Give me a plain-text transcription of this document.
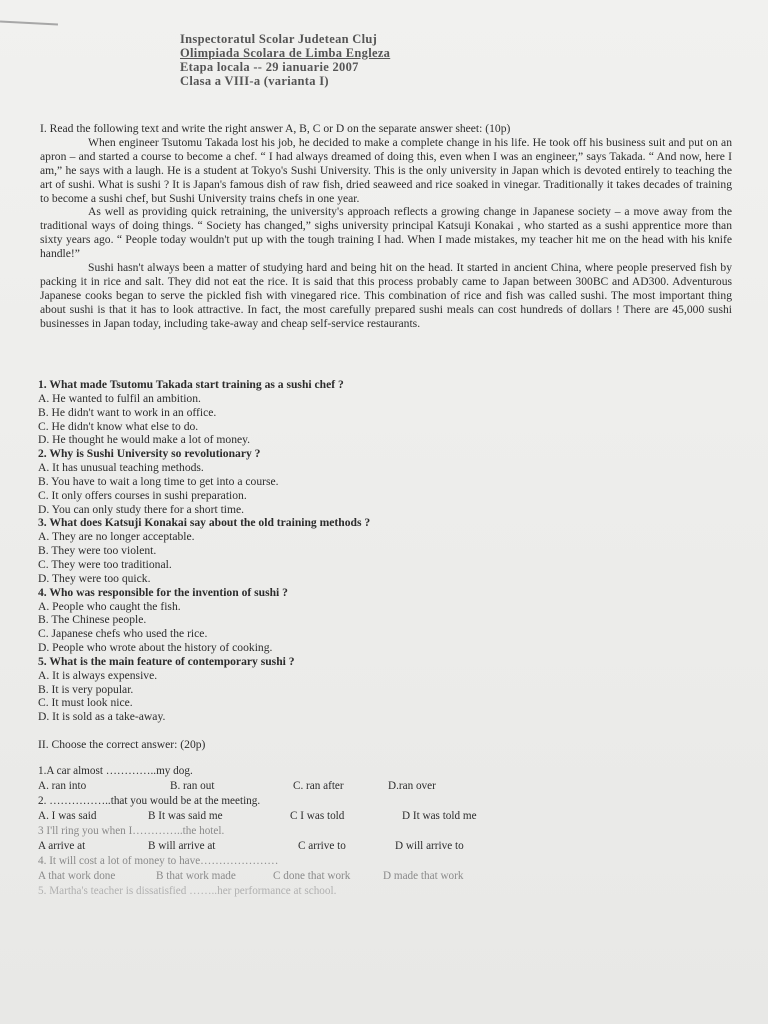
Inspectoratul Scolar Judetean Cluj
Olimpiada Scolara de Limba Engleza
Etapa locala -- 29 ianuarie 2007
Clasa a VIII-a (varianta I)
I. Read the following text and write the right answer A, B, C or D on the separate answer sheet: (10p)

When engineer Tsutomu Takada lost his job, he decided to make a complete change in his life. He took off his business suit and put on an apron – and started a course to become a chef. “ I had always dreamed of doing this, even when I was an engineer,” says Takada. “ And now, here I am,” he says with a laugh. He is a student at Tokyo's Sushi University. This is the only university in Japan which is devoted entirely to teaching the art of sushi. What is sushi ? It is Japan's famous dish of raw fish, dried seaweed and rice soaked in vinegar. Traditionally it takes decades of training to become a sushi chef, but Sushi University trains chefs in one year.

As well as providing quick retraining, the university's approach reflects a growing change in Japanese society – a move away from the traditional ways of doing things. “ Society has changed,” sighs university principal Katsuji Konakai , who started as a sushi apprentice more than sixty years ago. “ People today wouldn't put up with the tough training I had. When I made mistakes, my teacher hit me on the head with his knife handle!”

Sushi hasn't always been a matter of studying hard and being hit on the head. It started in ancient China, where people preserved fish by packing it in rice and salt. They did not eat the rice. It is said that this process probably came to Japan between 300BC and AD300. Adventurous Japanese cooks began to serve the pickled fish with vinegared rice. This combination of rice and fish was called sushi. The most important thing about sushi is that it has to look attractive. In fact, the most carefully prepared sushi meals can cost hundreds of dollars ! There are 45,000 sushi businesses in Japan today, including take-away and cheap self-service restaurants.

1. What made Tsutomu Takada start training as a sushi chef ?
A. He wanted to fulfil an ambition.
B. He didn't want to work in an office.
C. He didn't know what else to do.
D. He thought he would make a lot of money.
2. Why is Sushi University so revolutionary ?
A. It has unusual teaching methods.
B. You have to wait a long time to get into a course.
C. It only offers courses in sushi preparation.
D. You can only study there for a short time.
3. What does Katsuji Konakai say about the old training methods ?
A. They are no longer acceptable.
B. They were too violent.
C. They were too traditional.
D. They were too quick.
4. Who was responsible for the invention of sushi ?
A. People who caught the fish.
B. The Chinese people.
C. Japanese chefs who used the rice.
D. People who wrote about the history of cooking.
5. What is the main feature of contemporary sushi ?
A. It is always expensive.
B. It is very popular.
C. It must look nice.
D. It is sold as a take-away.
II. Choose the correct answer: (20p)
1.A car almost …………..my dog.
A. ran into	B. ran out	C. ran after	D.ran over
2. ……………..that you would be at the meeting.
A. I was said	B It was said me	C I was told	D It was told me
3 I'll ring you when I…………..the hotel.
A arrive at	B will arrive at	C arrive to	D will arrive to
4. It will cost a lot of money to have…………………
A that work done	B that work made	C done that work	D made that work
5. Martha's teacher is dissatisfied ……..her performance at school.
